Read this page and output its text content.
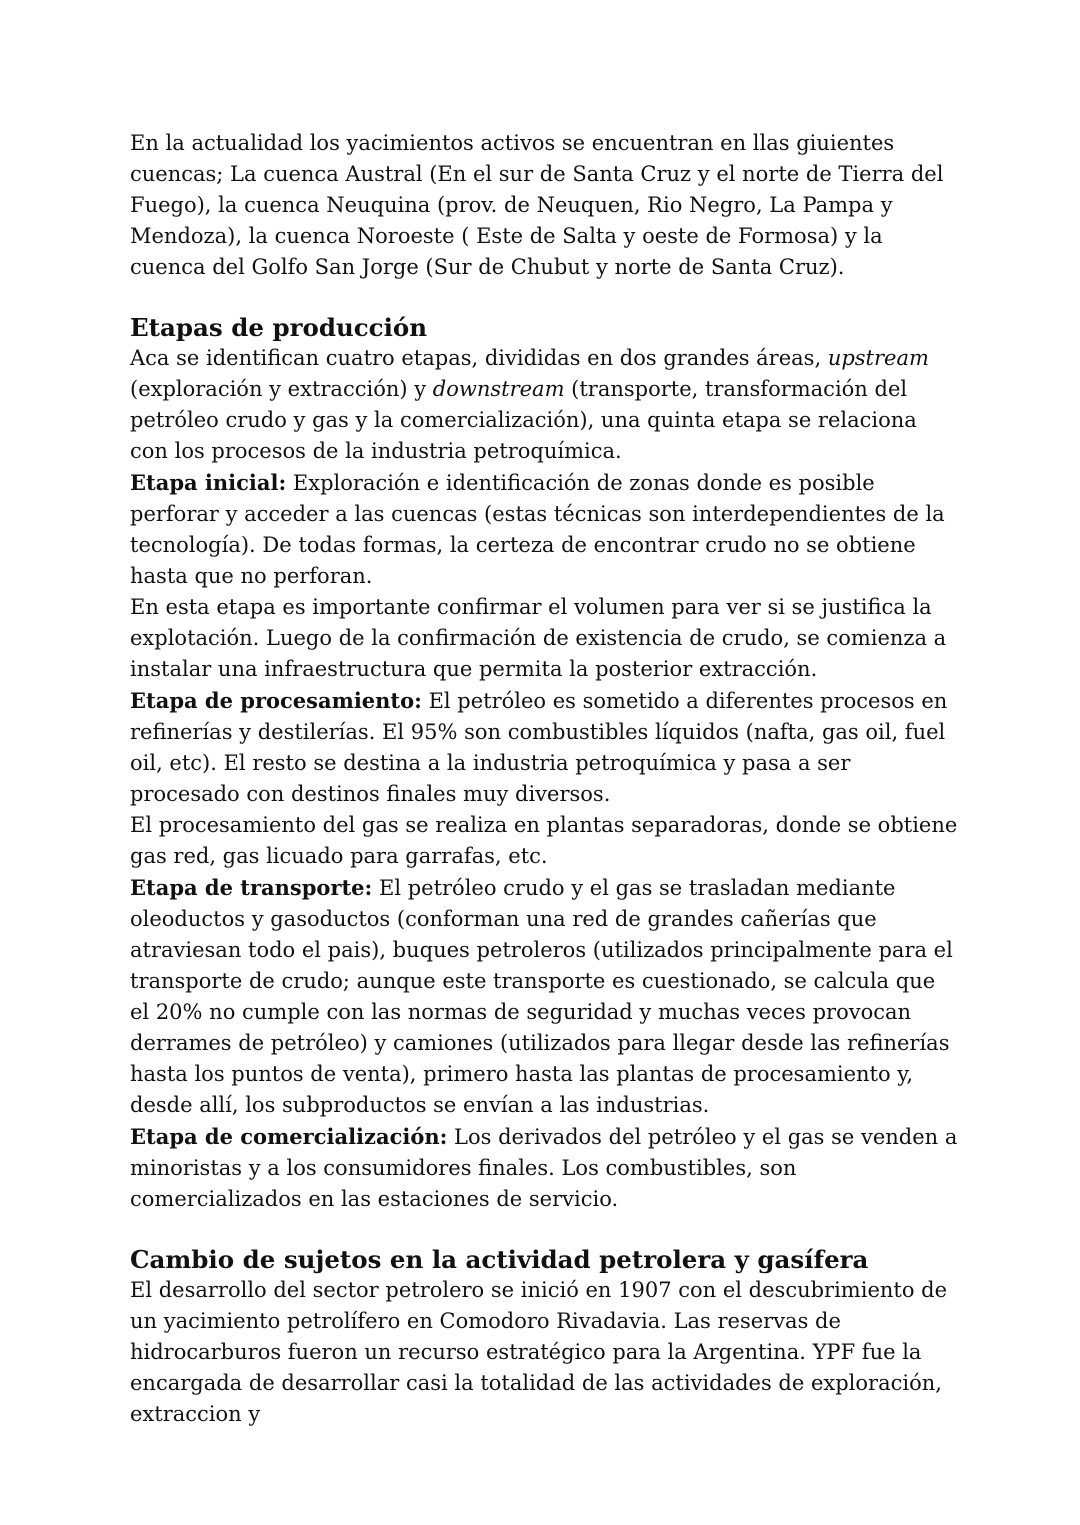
En la actualidad los yacimientos activos se encuentran en llas giuientes cuencas; La cuenca Austral (En el sur de Santa Cruz y el norte de Tierra del Fuego), la cuenca Neuquina (prov. de Neuquen, Rio Negro, La Pampa y Mendoza), la cuenca Noroeste ( Este de Salta y oeste de Formosa) y la cuenca del Golfo San Jorge (Sur de Chubut y norte de Santa Cruz).

Etapas de producción

Aca se identifican cuatro etapas, divididas en dos grandes áreas, upstream (exploración y extracción) y downstream (transporte, transformación del petróleo crudo y gas y la comercialización), una quinta etapa se relaciona con los procesos de la industria petroquímica.

Etapa inicial: Exploración e identificación de zonas donde es posible perforar y acceder a las cuencas (estas técnicas son interdependientes de la tecnología). De todas formas, la certeza de encontrar crudo no se obtiene hasta que no perforan.

En esta etapa es importante confirmar el volumen para ver si se justifica la explotación. Luego de la confirmación de existencia de crudo, se comienza a instalar una infraestructura que permita la posterior extracción.

Etapa de procesamiento: El petróleo es sometido a diferentes procesos en refinerías y destilerías. El 95% son combustibles líquidos (nafta, gas oil, fuel oil, etc). El resto se destina a la industria petroquímica y pasa a ser procesado con destinos finales muy diversos.

El procesamiento del gas se realiza en plantas separadoras, donde se obtiene gas red, gas licuado para garrafas, etc.

Etapa de transporte: El petróleo crudo y el gas se trasladan mediante oleoductos y gasoductos (conforman una red de grandes cañerías que atraviesan todo el pais), buques petroleros (utilizados principalmente para el transporte de crudo; aunque este transporte es cuestionado, se calcula que el 20% no cumple con las normas de seguridad y muchas veces provocan derrames de petróleo) y camiones (utilizados para llegar desde las refinerías hasta los puntos de venta), primero hasta las plantas de procesamiento y, desde allí, los subproductos se envían a las industrias.

Etapa de comercialización: Los derivados del petróleo y el gas se venden a minoristas y a los consumidores finales. Los combustibles, son comercializados en las estaciones de servicio.

Cambio de sujetos en la actividad petrolera y gasífera

El desarrollo del sector petrolero se inició en 1907 con el descubrimiento de un yacimiento petrolífero en Comodoro Rivadavia. Las reservas de hidrocarburos fueron un recurso estratégico para la Argentina. YPF fue la encargada de desarrollar casi la totalidad de las actividades de exploración, extraccion y
